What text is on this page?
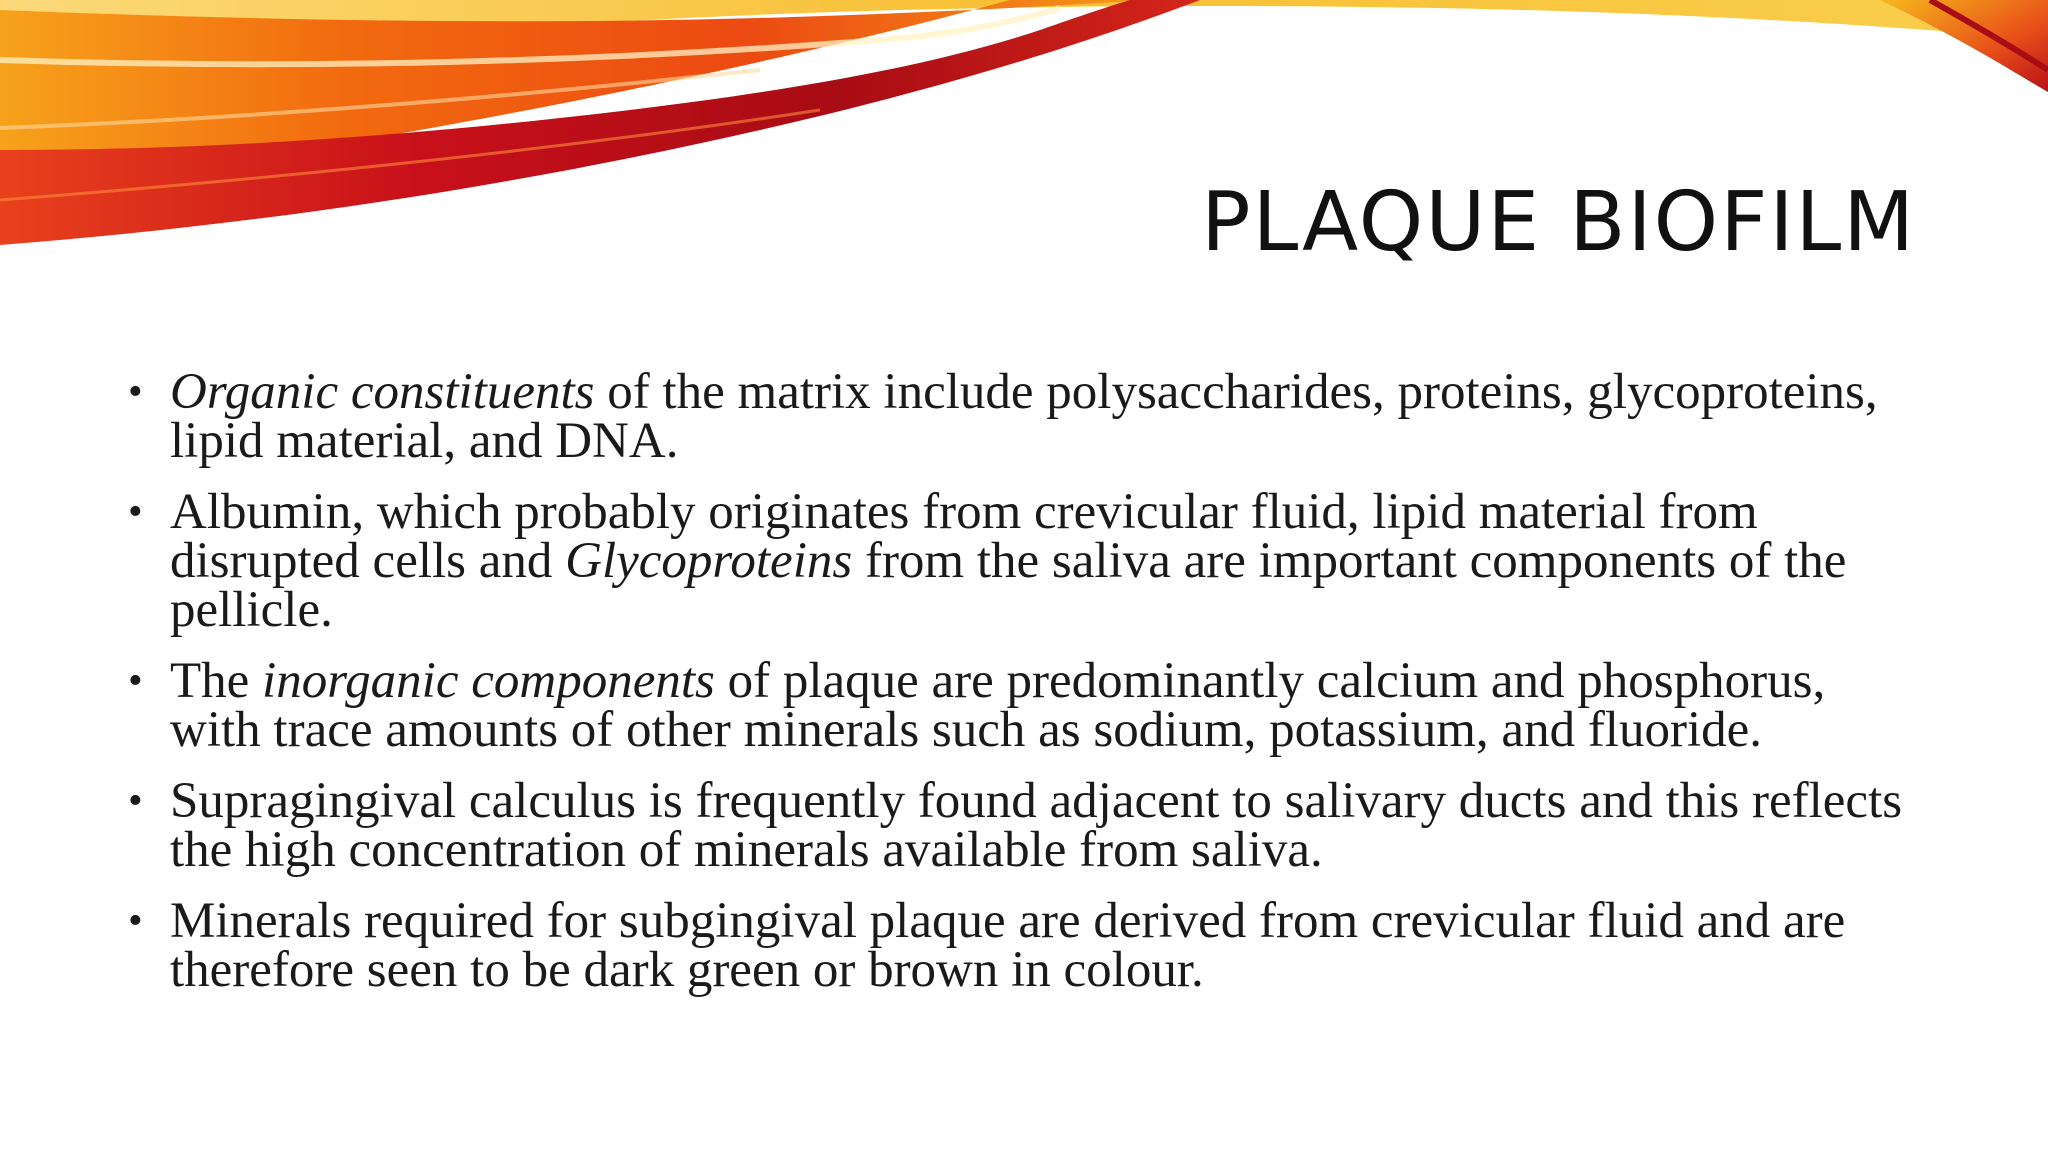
PLAQUE BIOFILM
• Organic constituents of the matrix include polysaccharides, proteins, glycoproteins, lipid material, and DNA.
• Albumin, which probably originates from crevicular fluid, lipid material from disrupted cells and Glycoproteins from the saliva are important components of the pellicle.
• The inorganic components of plaque are predominantly calcium and phosphorus, with trace amounts of other minerals such as sodium, potassium, and fluoride.
• Supragingival calculus is frequently found adjacent to salivary ducts and this reflects the high concentration of minerals available from saliva.
• Minerals required for subgingival plaque are derived from crevicular fluid and are therefore seen to be dark green or brown in colour.
